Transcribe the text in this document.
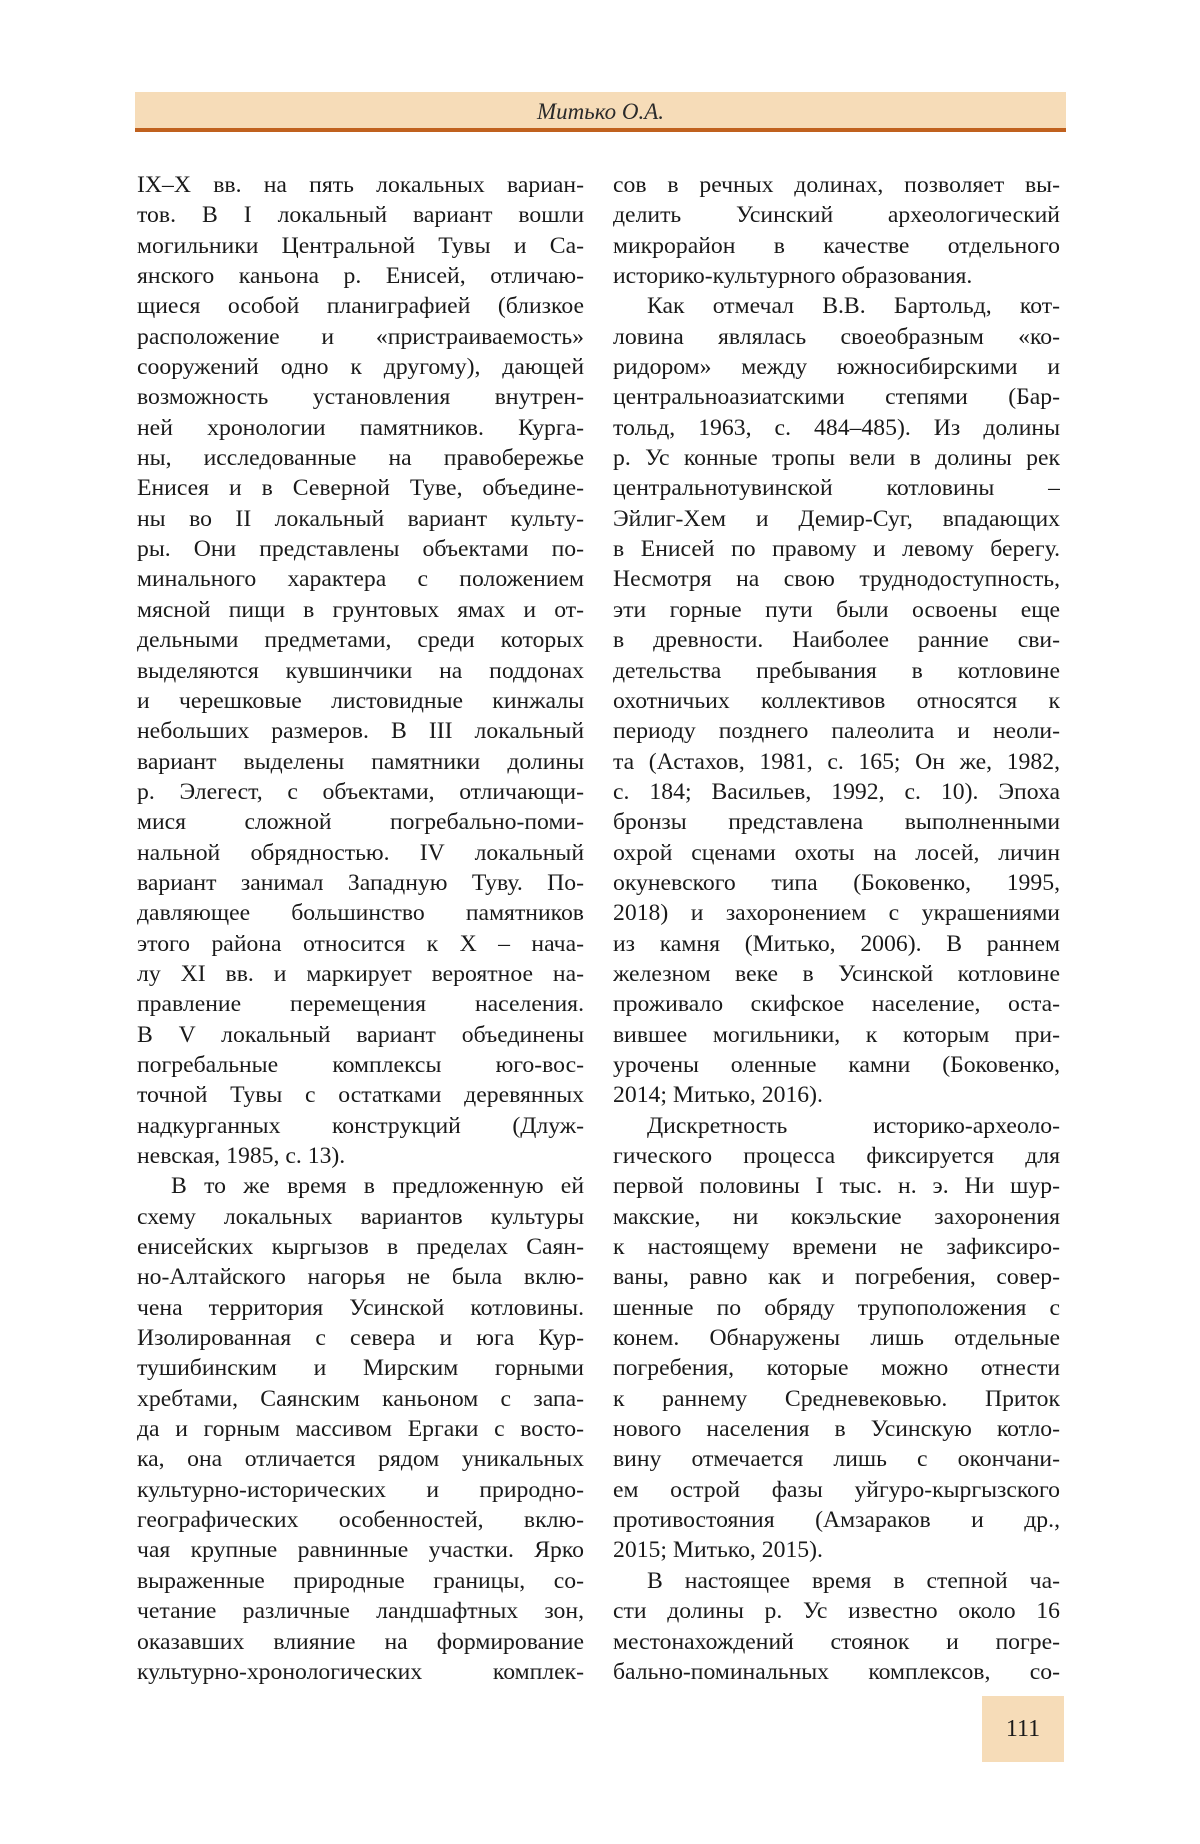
Митько О.А.
IX–X вв. на пять локальных вариан-
тов. В I локальный вариант вошли
могильники Центральной Тувы и Са-
янского каньона р. Енисей, отличаю-
щиеся особой планиграфией (близкое
расположение и «пристраиваемость»
сооружений одно к другому), дающей
возможность установления внутрен-
ней хронологии памятников. Курга-
ны, исследованные на правобережье
Енисея и в Северной Туве, объедине-
ны во II локальный вариант культу-
ры. Они представлены объектами по-
минального характера с положением
мясной пищи в грунтовых ямах и от-
дельными предметами, среди которых
выделяются кувшинчики на поддонах
и черешковые листовидные кинжалы
небольших размеров. В III локальный
вариант выделены памятники долины
р. Элегест, с объектами, отличающи-
мися сложной погребально-поми-
нальной обрядностью. IV локальный
вариант занимал Западную Туву. По-
давляющее большинство памятников
этого района относится к X – нача-
лу XI вв. и маркирует вероятное на-
правление перемещения населения.
В V локальный вариант объединены
погребальные комплексы юго-вос-
точной Тувы с остатками деревянных
надкурганных конструкций (Длуж-
невская, 1985, с. 13).
В то же время в предложенную ей
схему локальных вариантов культуры
енисейских кыргызов в пределах Саян-
но-Алтайского нагорья не была вклю-
чена территория Усинской котловины.
Изолированная с севера и юга Кур-
тушибинским и Мирским горными
хребтами, Саянским каньоном с запа-
да и горным массивом Ергаки с восто-
ка, она отличается рядом уникальных
культурно-исторических и природно-
географических особенностей, вклю-
чая крупные равнинные участки. Ярко
выраженные природные границы, со-
четание различные ландшафтных зон,
оказавших влияние на формирование
культурно-хронологических комплек-
сов в речных долинах, позволяет вы-
делить Усинский археологический
микрорайон в качестве отдельного
историко-культурного образования.
Как отмечал В.В. Бартольд, кот-
ловина являлась своеобразным «ко-
ридором» между южносибирскими и
центральноазиатскими степями (Бар-
тольд, 1963, с. 484–485). Из долины
р. Ус конные тропы вели в долины рек
центральнотувинской котловины –
Эйлиг-Хем и Демир-Суг, впадающих
в Енисей по правому и левому берегу.
Несмотря на свою труднодоступность,
эти горные пути были освоены еще
в древности. Наиболее ранние сви-
детельства пребывания в котловине
охотничьих коллективов относятся к
периоду позднего палеолита и неоли-
та (Астахов, 1981, с. 165; Он же, 1982,
с. 184; Васильев, 1992, с. 10). Эпоха
бронзы представлена выполненными
охрой сценами охоты на лосей, личин
окуневского типа (Боковенко, 1995,
2018) и захоронением с украшениями
из камня (Митько, 2006). В раннем
железном веке в Усинской котловине
проживало скифское население, оста-
вившее могильники, к которым при-
урочены оленные камни (Боковенко,
2014; Митько, 2016).
Дискретность историко-археоло-
гического процесса фиксируется для
первой половины I тыс. н. э. Ни шур-
макские, ни кокэльские захоронения
к настоящему времени не зафиксиро-
ваны, равно как и погребения, совер-
шенные по обряду трупоположения с
конем. Обнаружены лишь отдельные
погребения, которые можно отнести
к раннему Средневековью. Приток
нового населения в Усинскую котло-
вину отмечается лишь с окончани-
ем острой фазы уйгуро-кыргызского
противостояния (Амзараков и др.,
2015; Митько, 2015).
В настоящее время в степной ча-
сти долины р. Ус известно около 16
местонахождений стоянок и погре-
бально-поминальных комплексов, со-
111
